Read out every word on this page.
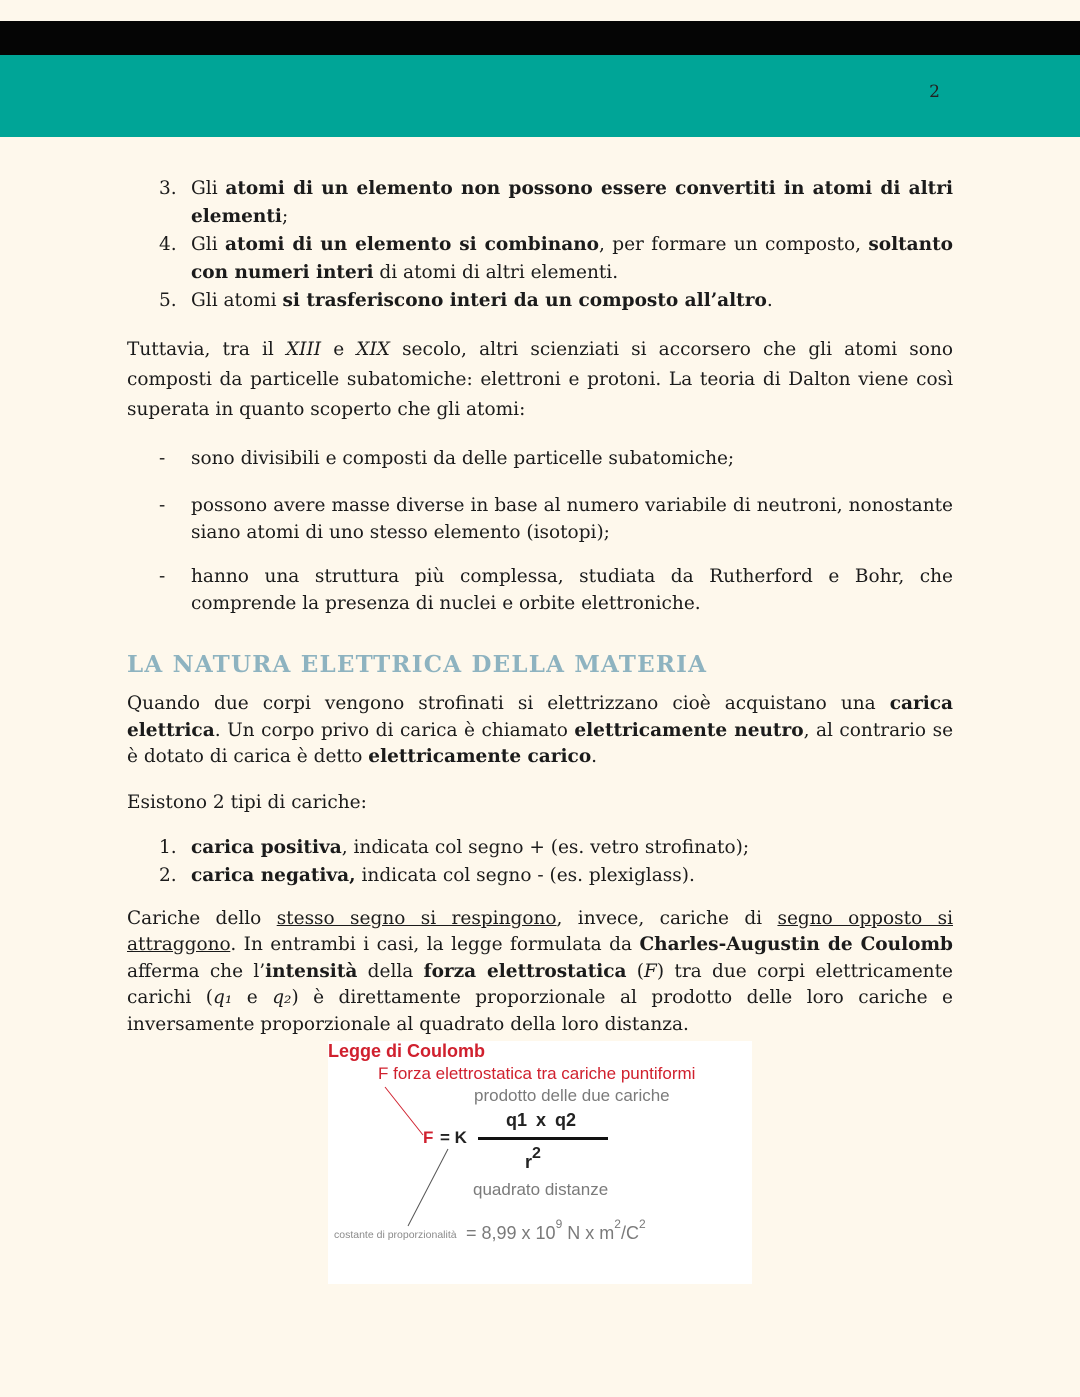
2
3. Gli atomi di un elemento non possono essere convertiti in atomi di altri elementi;
4. Gli atomi di un elemento si combinano, per formare un composto, soltanto con numeri interi di atomi di altri elementi.
5. Gli atomi si trasferiscono interi da un composto all’altro.

Tuttavia, tra il XIII e XIX secolo, altri scienziati si accorsero che gli atomi sono composti da particelle subatomiche: elettroni e protoni. La teoria di Dalton viene così superata in quanto scoperto che gli atomi:

- sono divisibili e composti da delle particelle subatomiche;
- possono avere masse diverse in base al numero variabile di neutroni, nonostante siano atomi di uno stesso elemento (isotopi);
- hanno una struttura più complessa, studiata da Rutherford e Bohr, che comprende la presenza di nuclei e orbite elettroniche.
LA NATURA ELETTRICA DELLA MATERIA

Quando due corpi vengono strofinati si elettrizzano cioè acquistano una carica elettrica. Un corpo privo di carica è chiamato elettricamente neutro, al contrario se è dotato di carica è detto elettricamente carico.

Esistono 2 tipi di cariche:

1. carica positiva, indicata col segno + (es. vetro strofinato);
2. carica negativa, indicata col segno - (es. plexiglass).

Cariche dello stesso segno si respingono, invece, cariche di segno opposto si attraggono. In entrambi i casi, la legge formulata da Charles-Augustin de Coulomb afferma che l’intensità della forza elettrostatica (F) tra due corpi elettricamente carichi (q₁ e q₂) è direttamente proporzionale al prodotto delle loro cariche e inversamente proporzionale al quadrato della loro distanza.

Legge di Coulomb
F forza elettrostatica tra cariche puntiformi
prodotto delle due cariche
F = K
q1 x q2
$r^2$
quadrato distanze
costante di proporzionalità = 8,99 x $10^9$ N x $m^2/C^2$
